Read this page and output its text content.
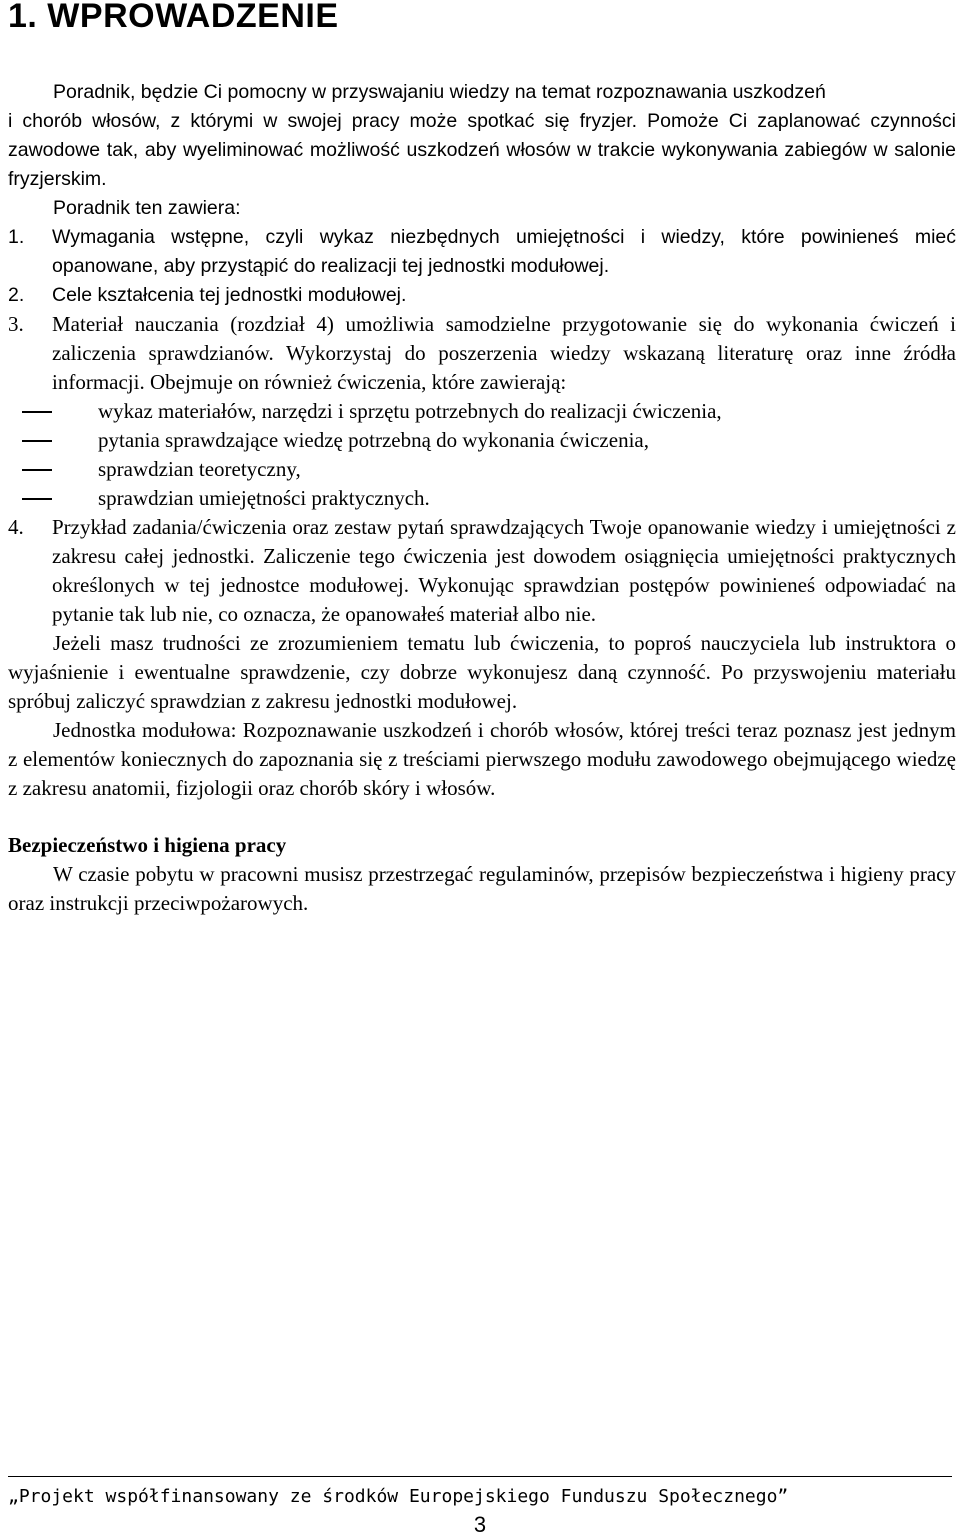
1. WPROWADZENIE

Poradnik, będzie Ci pomocny w przyswajaniu wiedzy na temat rozpoznawania uszkodzeń

i chorób włosów, z którymi w swojej pracy może spotkać się fryzjer. Pomoże Ci zaplanować czynności zawodowe tak, aby wyeliminować możliwość uszkodzeń włosów w trakcie wykonywania zabiegów w salonie fryzjerskim.

Poradnik ten zawiera:

1.	Wymagania wstępne, czyli wykaz niezbędnych umiejętności i wiedzy, które powinieneś mieć opanowane, aby przystąpić do realizacji tej jednostki modułowej.
2.	Cele kształcenia tej jednostki modułowej.
3.	Materiał nauczania (rozdział 4) umożliwia samodzielne przygotowanie się do wykonania ćwiczeń i zaliczenia sprawdzianów. Wykorzystaj do poszerzenia wiedzy wskazaną literaturę oraz inne źródła informacji. Obejmuje on również ćwiczenia, które zawierają:
wykaz materiałów, narzędzi i sprzętu potrzebnych do realizacji ćwiczenia,
pytania sprawdzające wiedzę potrzebną do wykonania ćwiczenia,
sprawdzian teoretyczny,
sprawdzian umiejętności praktycznych.
4.	Przykład zadania/ćwiczenia oraz zestaw pytań sprawdzających Twoje opanowanie wiedzy i umiejętności z zakresu całej jednostki. Zaliczenie tego ćwiczenia jest dowodem osiągnięcia umiejętności praktycznych określonych w tej jednostce modułowej. Wykonując sprawdzian postępów powinieneś odpowiadać na pytanie tak lub nie, co oznacza, że opanowałeś materiał albo nie.

Jeżeli masz trudności ze zrozumieniem tematu lub ćwiczenia, to poproś nauczyciela lub instruktora o wyjaśnienie i ewentualne sprawdzenie, czy dobrze wykonujesz daną czynność. Po przyswojeniu materiału spróbuj zaliczyć sprawdzian z zakresu jednostki modułowej.

Jednostka modułowa: Rozpoznawanie uszkodzeń i chorób włosów, której treści teraz poznasz jest jednym z elementów koniecznych do zapoznania się z treściami pierwszego modułu zawodowego obejmującego wiedzę z zakresu anatomii, fizjologii oraz chorób skóry i włosów.

Bezpieczeństwo i higiena pracy

W czasie pobytu w pracowni musisz przestrzegać regulaminów, przepisów bezpieczeństwa i higieny pracy oraz instrukcji przeciwpożarowych.

„Projekt współfinansowany ze środków Europejskiego Funduszu Społecznego”
3
